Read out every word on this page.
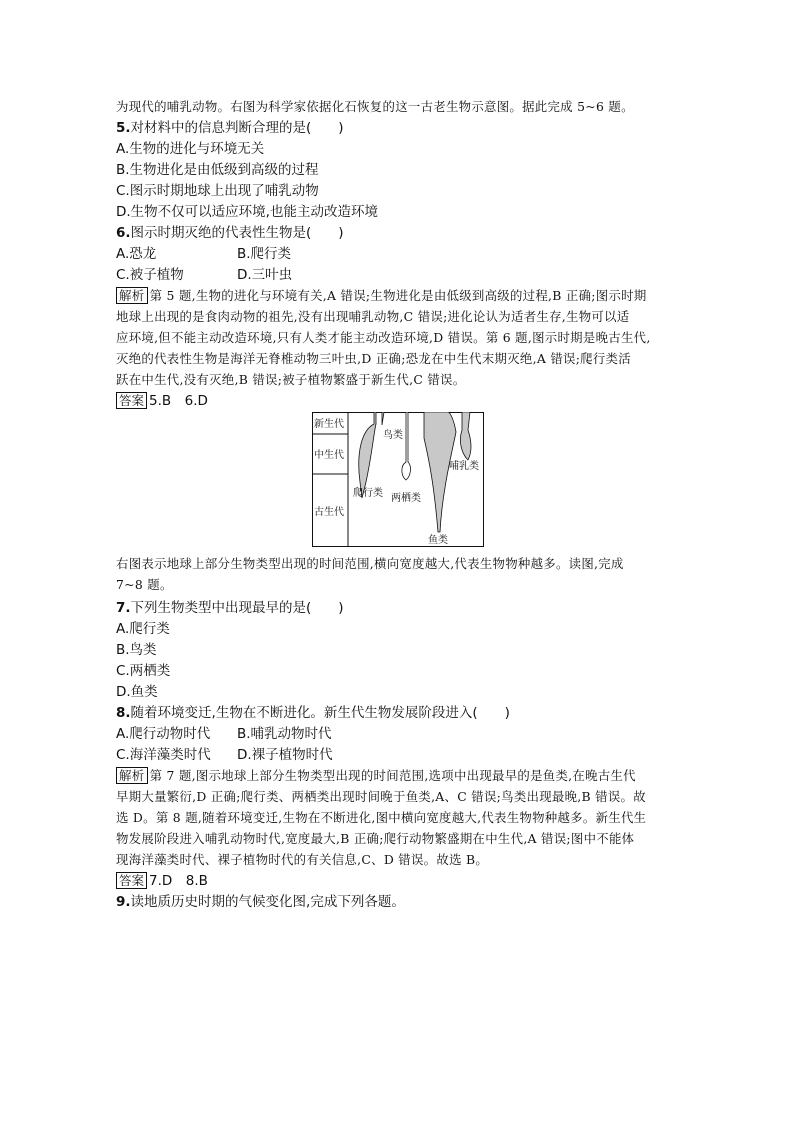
为现代的哺乳动物。右图为科学家依据化石恢复的这一古老生物示意图。据此完成 5~6 题。
5.对材料中的信息判断合理的是(　　)
A.生物的进化与环境无关
B.生物进化是由低级到高级的过程
C.图示时期地球上出现了哺乳动物
D.生物不仅可以适应环境,也能主动改造环境
6.图示时期灭绝的代表性生物是(　　)
A.恐龙	B.爬行类
C.被子植物	D.三叶虫
解析 第 5 题,生物的进化与环境有关,A 错误;生物进化是由低级到高级的过程,B 正确;图示时期
地球上出现的是食肉动物的祖先,没有出现哺乳动物,C 错误;进化论认为适者生存,生物可以适
应环境,但不能主动改造环境,只有人类才能主动改造环境,D 错误。第 6 题,图示时期是晚古生代,
灭绝的代表性生物是海洋无脊椎动物三叶虫,D 正确;恐龙在中生代末期灭绝,A 错误;爬行类活
跃在中生代,没有灭绝,B 错误;被子植物繁盛于新生代,C 错误。
答案 5.B　6.D
新生代
中生代
古生代
鸟类
爬行类 两栖类
哺乳类
鱼类
右图表示地球上部分生物类型出现的时间范围,横向宽度越大,代表生物物种越多。读图,完成
7~8 题。
7.下列生物类型中出现最早的是(　　)
A.爬行类
B.鸟类
C.两栖类
D.鱼类
8.随着环境变迁,生物在不断进化。新生代生物发展阶段进入(　　)
A.爬行动物时代 B.哺乳动物时代
C.海洋藻类时代 D.裸子植物时代
解析 第 7 题,图示地球上部分生物类型出现的时间范围,选项中出现最早的是鱼类,在晚古生代
早期大量繁衍,D 正确;爬行类、两栖类出现时间晚于鱼类,A、C 错误;鸟类出现最晚,B 错误。故
选 D。第 8 题,随着环境变迁,生物在不断进化,图中横向宽度越大,代表生物物种越多。新生代生
物发展阶段进入哺乳动物时代,宽度最大,B 正确;爬行动物繁盛期在中生代,A 错误;图中不能体
现海洋藻类时代、裸子植物时代的有关信息,C、D 错误。故选 B。
答案 7.D　8.B
9.读地质历史时期的气候变化图,完成下列各题。
